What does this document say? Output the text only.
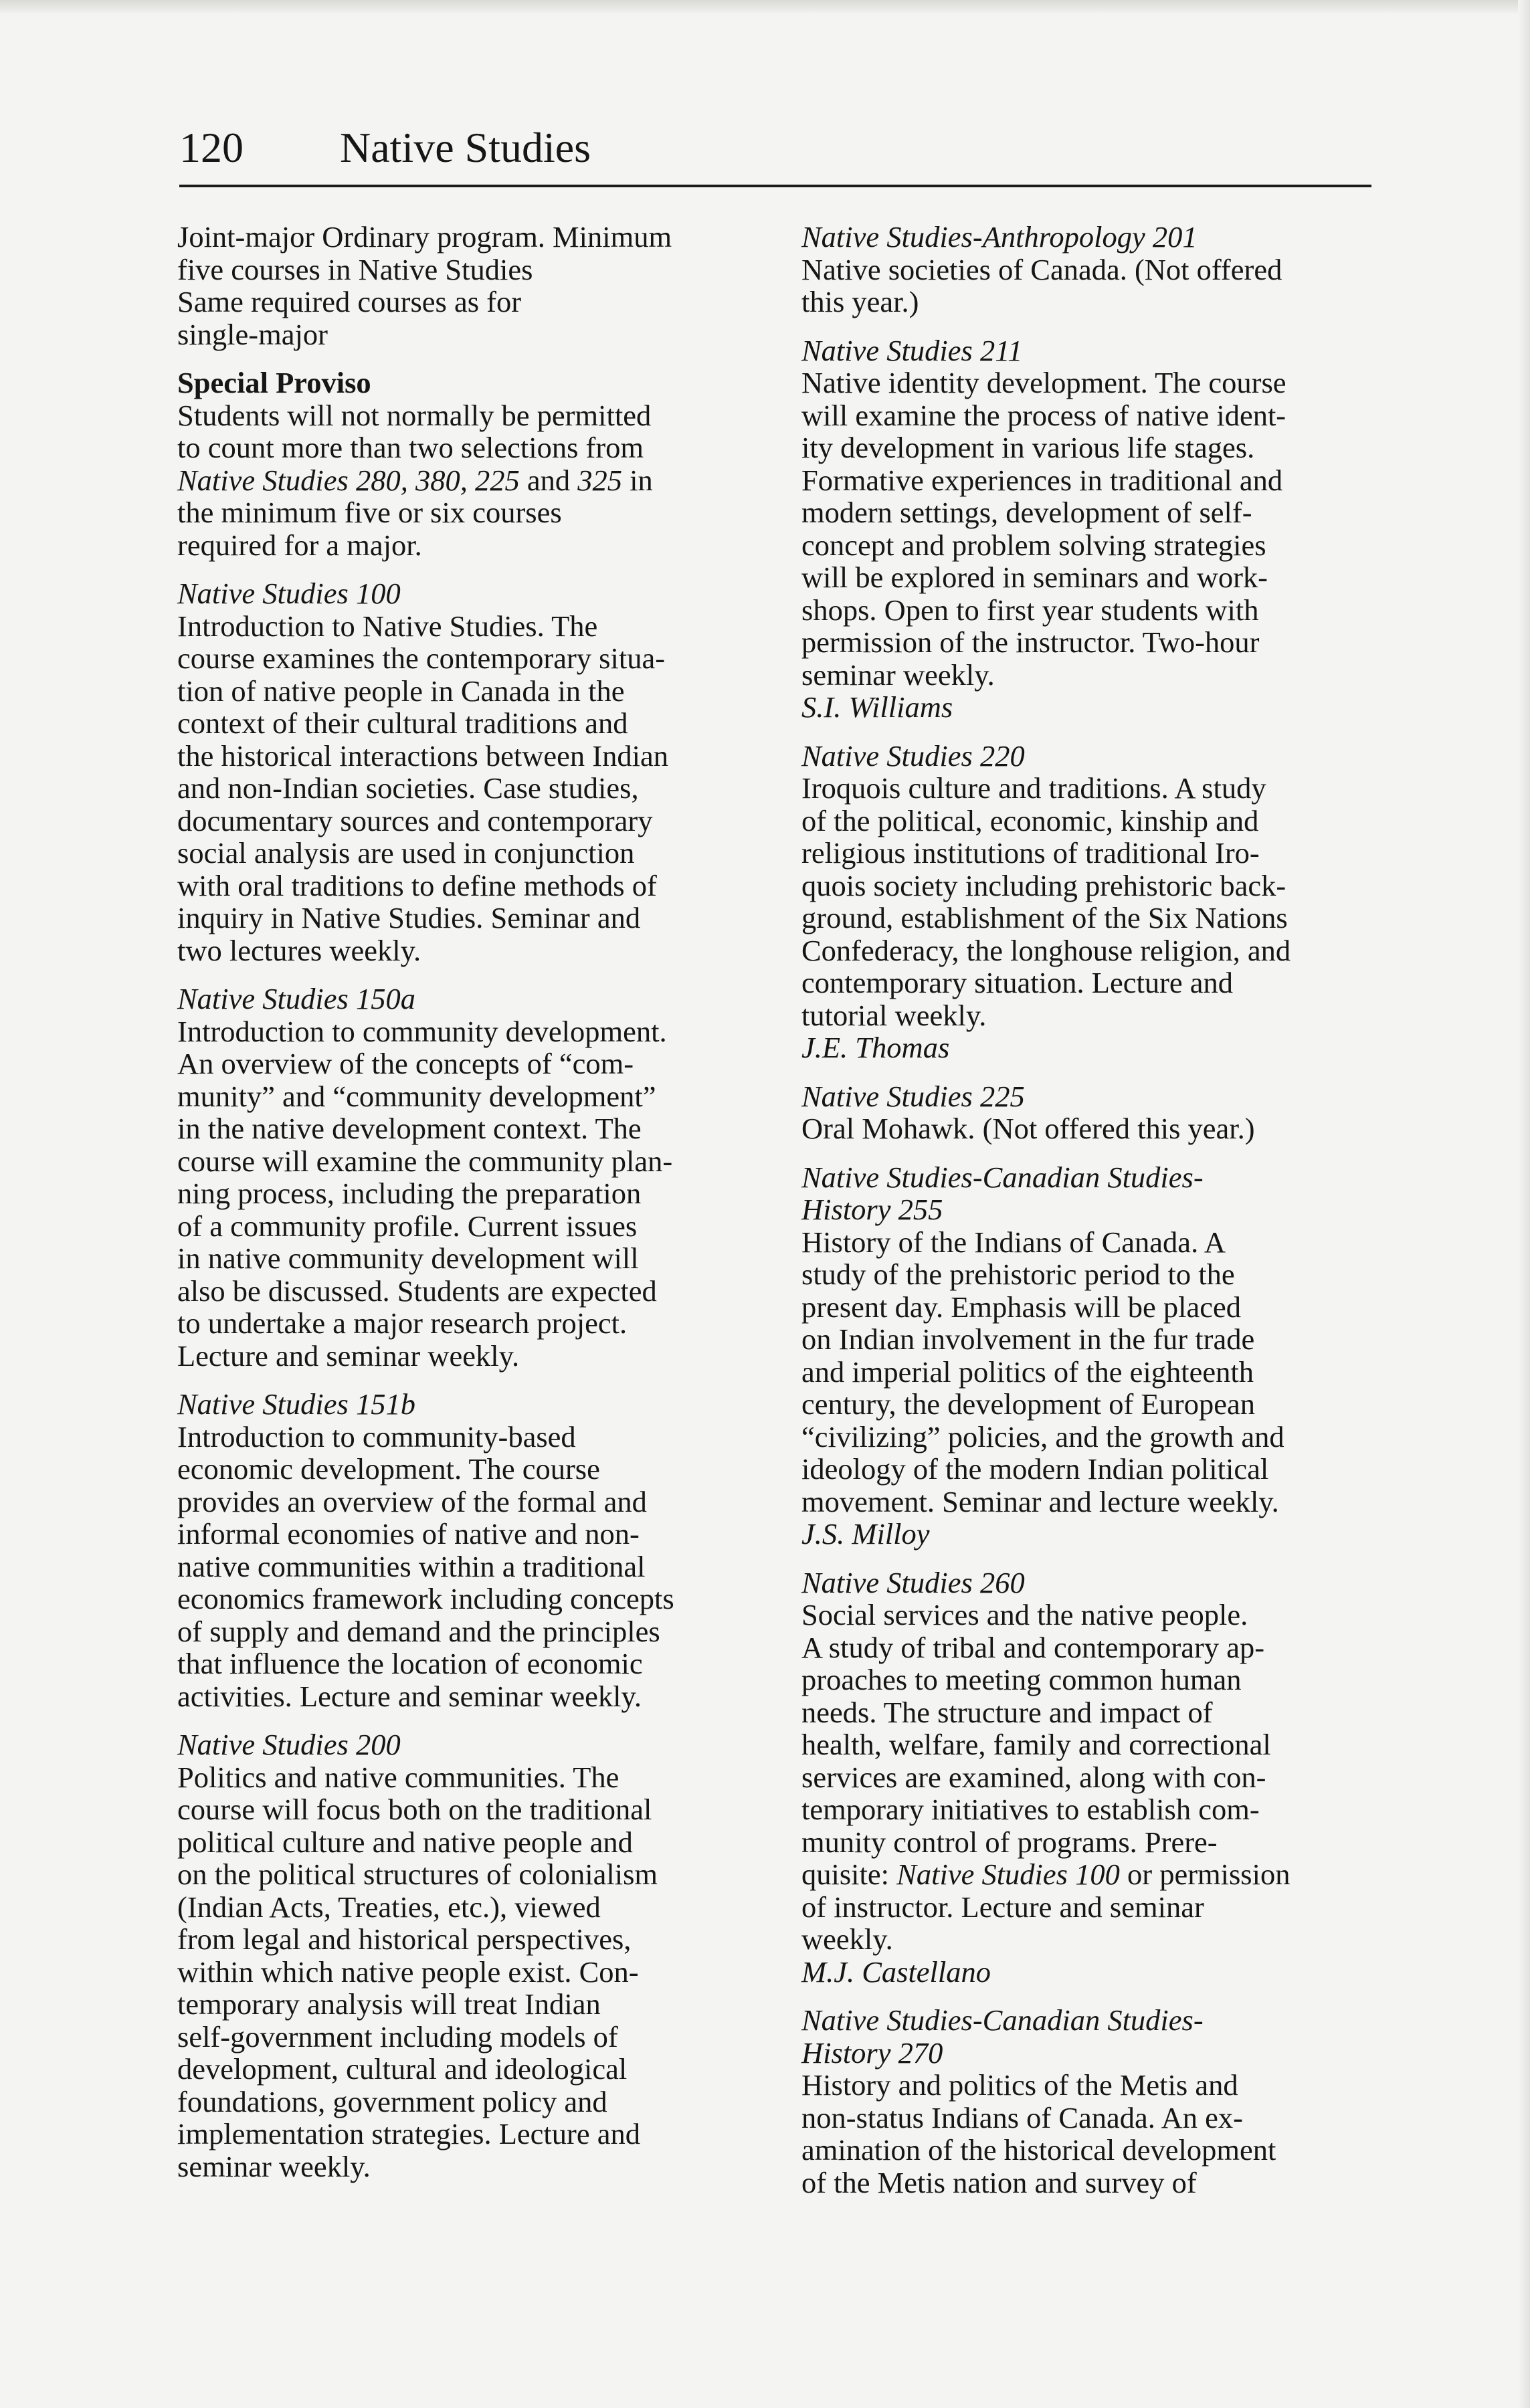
120 Native Studies
Joint-major Ordinary program. Minimum
five courses in Native Studies
Same required courses as for
single-major
Special Proviso
Students will not normally be permitted
to count more than two selections from
Native Studies 280, 380, 225 and 325 in
the minimum five or six courses
required for a major.
Native Studies 100
Introduction to Native Studies. The
course examines the contemporary situa-
tion of native people in Canada in the
context of their cultural traditions and
the historical interactions between Indian
and non-Indian societies. Case studies,
documentary sources and contemporary
social analysis are used in conjunction
with oral traditions to define methods of
inquiry in Native Studies. Seminar and
two lectures weekly.
Native Studies 150a
Introduction to community development.
An overview of the concepts of “com-
munity” and “community development”
in the native development context. The
course will examine the community plan-
ning process, including the preparation
of a community profile. Current issues
in native community development will
also be discussed. Students are expected
to undertake a major research project.
Lecture and seminar weekly.
Native Studies 151b
Introduction to community-based
economic development. The course
provides an overview of the formal and
informal economies of native and non-
native communities within a traditional
economics framework including concepts
of supply and demand and the principles
that influence the location of economic
activities. Lecture and seminar weekly.
Native Studies 200
Politics and native communities. The
course will focus both on the traditional
political culture and native people and
on the political structures of colonialism
(Indian Acts, Treaties, etc.), viewed
from legal and historical perspectives,
within which native people exist. Con-
temporary analysis will treat Indian
self-government including models of
development, cultural and ideological
foundations, government policy and
implementation strategies. Lecture and
seminar weekly.
Native Studies-Anthropology 201
Native societies of Canada. (Not offered
this year.)
Native Studies 211
Native identity development. The course
will examine the process of native ident-
ity development in various life stages.
Formative experiences in traditional and
modern settings, development of self-
concept and problem solving strategies
will be explored in seminars and work-
shops. Open to first year students with
permission of the instructor. Two-hour
seminar weekly.
S.I. Williams
Native Studies 220
Iroquois culture and traditions. A study
of the political, economic, kinship and
religious institutions of traditional Iro-
quois society including prehistoric back-
ground, establishment of the Six Nations
Confederacy, the longhouse religion, and
contemporary situation. Lecture and
tutorial weekly.
J.E. Thomas
Native Studies 225
Oral Mohawk. (Not offered this year.)
Native Studies-Canadian Studies-
History 255
History of the Indians of Canada. A
study of the prehistoric period to the
present day. Emphasis will be placed
on Indian involvement in the fur trade
and imperial politics of the eighteenth
century, the development of European
“civilizing” policies, and the growth and
ideology of the modern Indian political
movement. Seminar and lecture weekly.
J.S. Milloy
Native Studies 260
Social services and the native people.
A study of tribal and contemporary ap-
proaches to meeting common human
needs. The structure and impact of
health, welfare, family and correctional
services are examined, along with con-
temporary initiatives to establish com-
munity control of programs. Prere-
quisite: Native Studies 100 or permission
of instructor. Lecture and seminar
weekly.
M.J. Castellano
Native Studies-Canadian Studies-
History 270
History and politics of the Metis and
non-status Indians of Canada. An ex-
amination of the historical development
of the Metis nation and survey of
